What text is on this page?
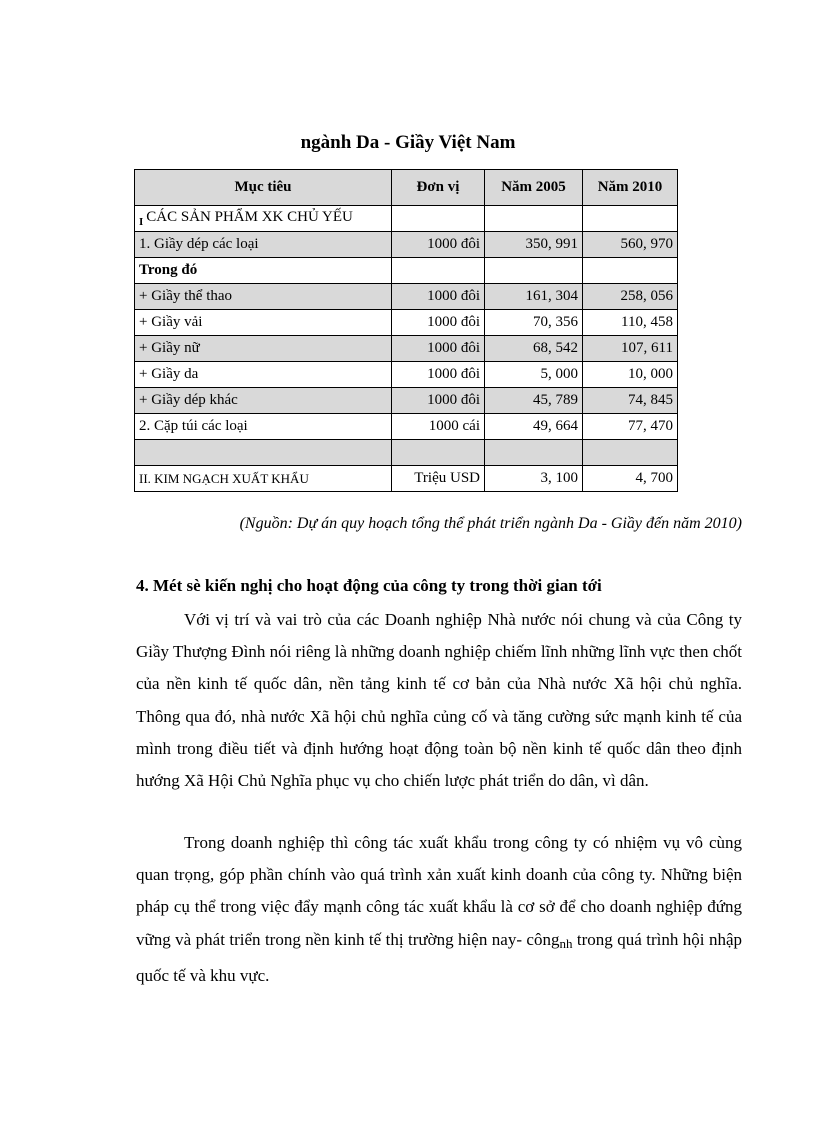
ngành Da - Giầy Việt Nam
Mục tiêu	Đơn vị	Năm 2005	Năm 2010
$_I$ CÁC SẢN PHẨM XK CHỦ YẾU			
1. Giầy dép các loại	1000 đôi	350, 991	560, 970
Trong đó			
+ Giầy thể thao	1000 đôi	161, 304	258, 056
+ Giầy vải	1000 đôi	70, 356	110, 458
+ Giầy nữ	1000 đôi	68, 542	107, 611
+ Giầy da	1000 đôi	5, 000	10, 000
+ Giầy dép khác	1000 đôi	45, 789	74, 845
2. Cặp túi các loại	1000 cái	49, 664	77, 470

II. KIM NGẠCH XUẤT KHẨU	Triệu USD	3, 100	4, 700
(Nguồn: Dự án quy hoạch tổng thể phát triển ngành Da - Giầy đến năm 2010)
4. Mét sè kiến nghị cho hoạt động của công ty trong thời gian tới
Với vị trí và vai trò của các Doanh nghiệp Nhà nước nói chung và của Công ty Giầy Thượng Đình nói riêng là những doanh nghiệp chiếm lĩnh những lĩnh vực then chốt của nền kinh tế quốc dân, nền tảng kinh tế cơ bản của Nhà nước Xã hội chủ nghĩa. Thông qua đó, nhà nước Xã hội chủ nghĩa củng cố và tăng cường sức mạnh kinh tế của mình trong điều tiết và định hướng hoạt động toàn bộ nền kinh tế quốc dân theo định hướng Xã Hội Chủ Nghĩa phục vụ cho chiến lược phát triển do dân, vì dân.
Trong doanh nghiệp thì công tác xuất khẩu trong công ty có nhiệm vụ vô cùng quan trọng, góp phần chính vào quá trình xản xuất kinh doanh của công ty. Những biện pháp cụ thể trong việc đẩy mạnh công tác xuất khẩu là cơ sở để cho doanh nghiệp đứng vững và phát triển trong nền kinh tế thị trường hiện nay- công$_{nh}$ trong quá trình hội nhập quốc tế và khu vực.
